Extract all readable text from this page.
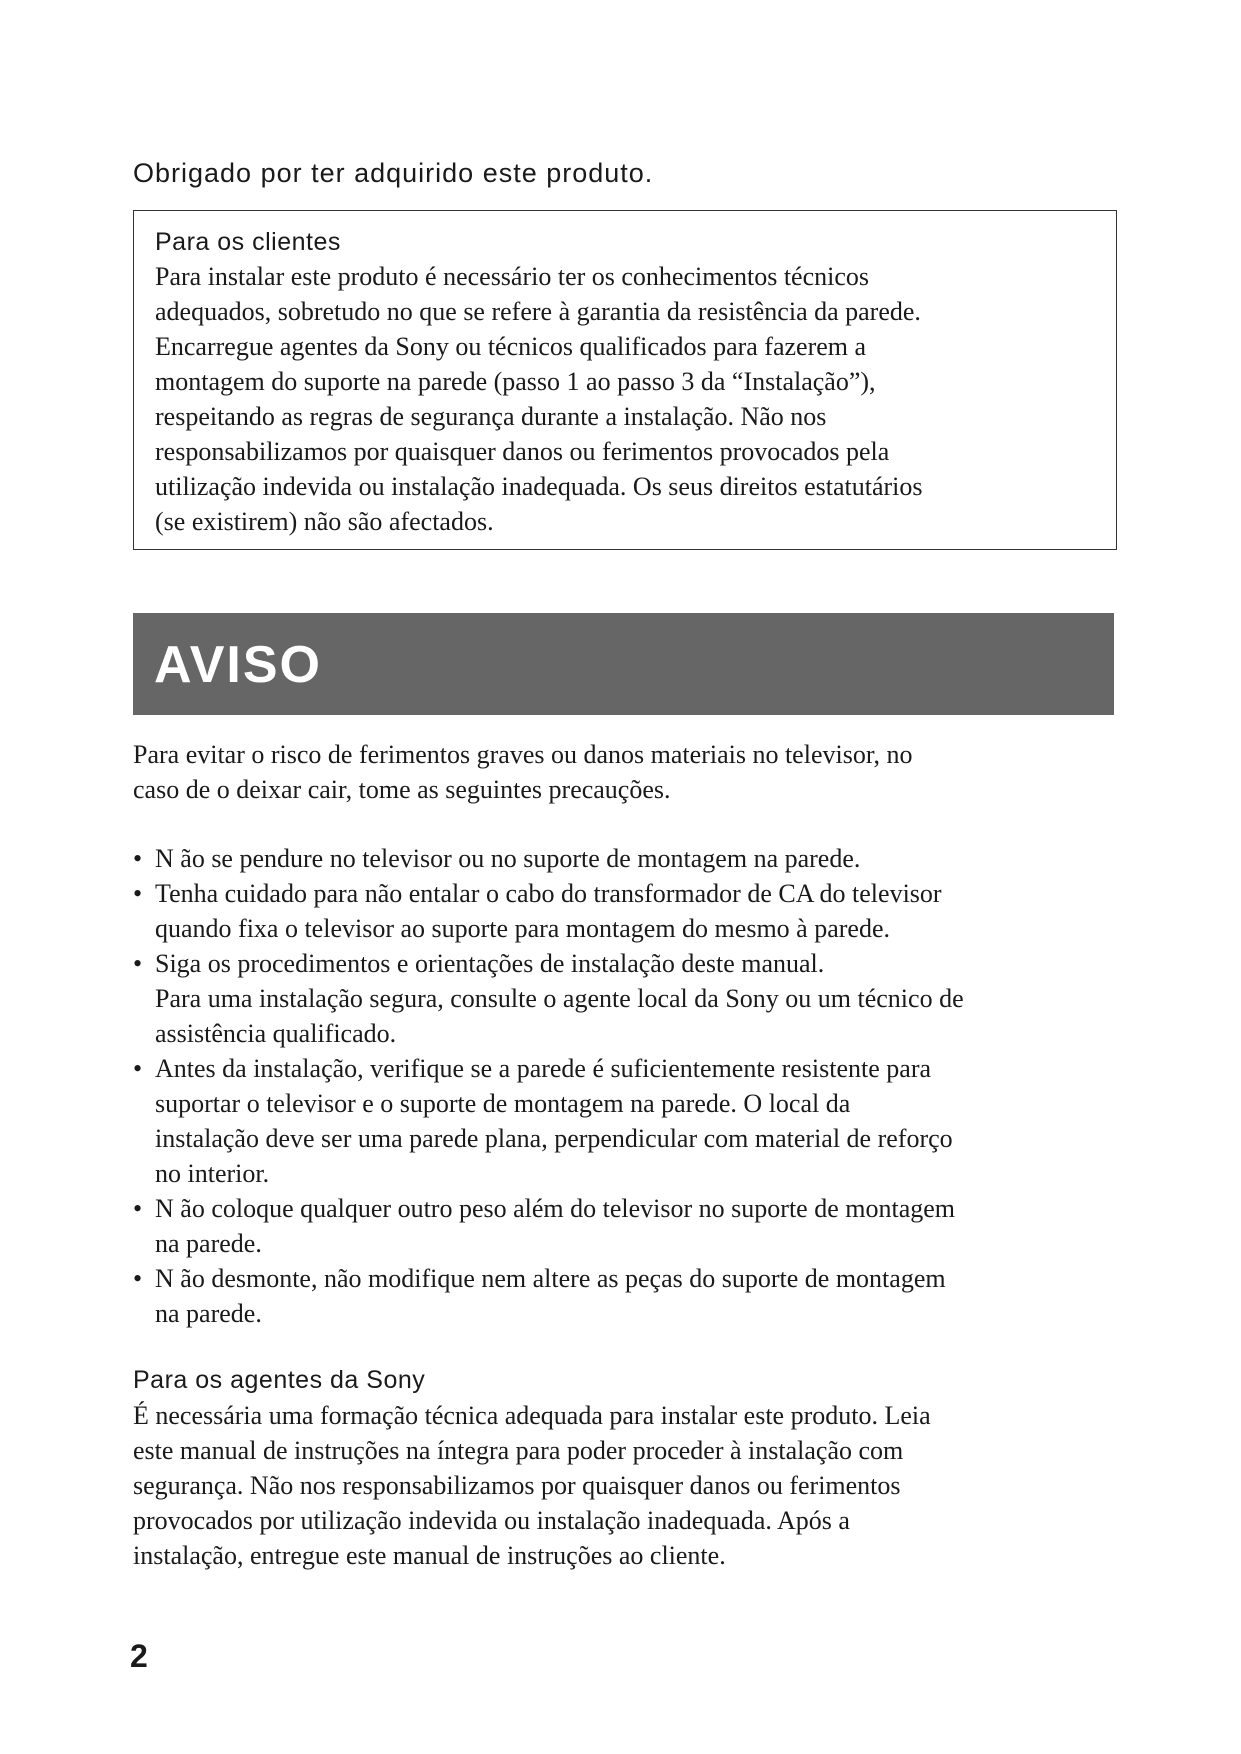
Obrigado por ter adquirido este produto.

Para os clientes

Para instalar este produto é necessário ter os conhecimentos técnicos
adequados, sobretudo no que se refere à garantia da resistência da parede.
Encarregue agentes da Sony ou técnicos qualificados para fazerem a
montagem do suporte na parede (passo 1 ao passo 3 da “Instalação”),
respeitando as regras de segurança durante a instalação. Não nos
responsabilizamos por quaisquer danos ou ferimentos provocados pela
utilização indevida ou instalação inadequada. Os seus direitos estatutários
(se existirem) não são afectados.

AVISO

Para evitar o risco de ferimentos graves ou danos materiais no televisor, no
caso de o deixar cair, tome as seguintes precauções.

• N ão se pendure no televisor ou no suporte de montagem na parede.
• Tenha cuidado para não entalar o cabo do transformador de CA do televisor
quando fixa o televisor ao suporte para montagem do mesmo à parede.
• Siga os procedimentos e orientações de instalação deste manual.
Para uma instalação segura, consulte o agente local da Sony ou um técnico de
assistência qualificado.
• Antes da instalação, verifique se a parede é suficientemente resistente para
suportar o televisor e o suporte de montagem na parede. O local da
instalação deve ser uma parede plana, perpendicular com material de reforço
no interior.
• N ão coloque qualquer outro peso além do televisor no suporte de montagem
na parede.
• N ão desmonte, não modifique nem altere as peças do suporte de montagem
na parede.

Para os agentes da Sony

É necessária uma formação técnica adequada para instalar este produto. Leia
este manual de instruções na íntegra para poder proceder à instalação com
segurança. Não nos responsabilizamos por quaisquer danos ou ferimentos
provocados por utilização indevida ou instalação inadequada. Após a
instalação, entregue este manual de instruções ao cliente.

2
